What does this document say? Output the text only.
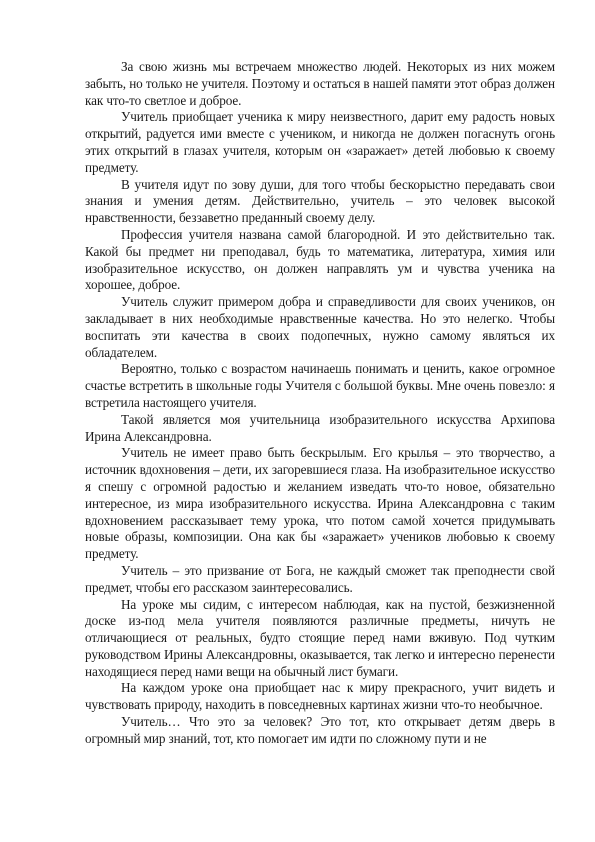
За свою жизнь мы встречаем множество людей. Некоторых из них можем забыть, но только не учителя. Поэтому и остаться в нашей памяти этот образ должен как что-то светлое и доброе.

Учитель приобщает ученика к миру неизвестного, дарит ему радость новых открытий, радуется ими вместе с учеником, и никогда не должен погаснуть огонь этих открытий в глазах учителя, которым он «заражает» детей любовью к своему предмету.

В учителя идут по зову души, для того чтобы бескорыстно передавать свои знания и умения детям. Действительно, учитель – это человек высокой нравственности, беззаветно преданный своему делу.

Профессия учителя названа самой благородной. И это действительно так. Какой бы предмет ни преподавал, будь то математика, литература, химия или изобразительное искусство, он должен направлять ум и чувства ученика на хорошее, доброе.

Учитель служит примером добра и справедливости для своих учеников, он закладывает в них необходимые нравственные качества. Но это нелегко. Чтобы воспитать эти качества в своих подопечных, нужно самому являться их обладателем.

Вероятно, только с возрастом начинаешь понимать и ценить, какое огромное счастье встретить в школьные годы Учителя с большой буквы. Мне очень повезло: я встретила настоящего учителя.

Такой является моя учительница изобразительного искусства Архипова Ирина Александровна.

Учитель не имеет право быть бескрылым. Его крылья – это творчество, а источник вдохновения – дети, их загоревшиеся глаза. На изобразительное искусство я спешу с огромной радостью и желанием изведать что-то новое, обязательно интересное, из мира изобразительного искусства. Ирина Александровна с таким вдохновением рассказывает тему урока, что потом самой хочется придумывать новые образы, композиции. Она как бы «заражает» учеников любовью к своему предмету.

Учитель – это призвание от Бога, не каждый сможет так преподнести свой предмет, чтобы его рассказом заинтересовались.

На уроке мы сидим, с интересом наблюдая, как на пустой, безжизненной доске из-под мела учителя появляются различные предметы, ничуть не отличающиеся от реальных, будто стоящие перед нами вживую. Под чутким руководством Ирины Александровны, оказывается, так легко и интересно перенести находящиеся перед нами вещи на обычный лист бумаги.

На каждом уроке она приобщает нас к миру прекрасного, учит видеть и чувствовать природу, находить в повседневных картинах жизни что-то необычное.

Учитель… Что это за человек? Это тот, кто открывает детям дверь в огромный мир знаний, тот, кто помогает им идти по сложному пути и не
